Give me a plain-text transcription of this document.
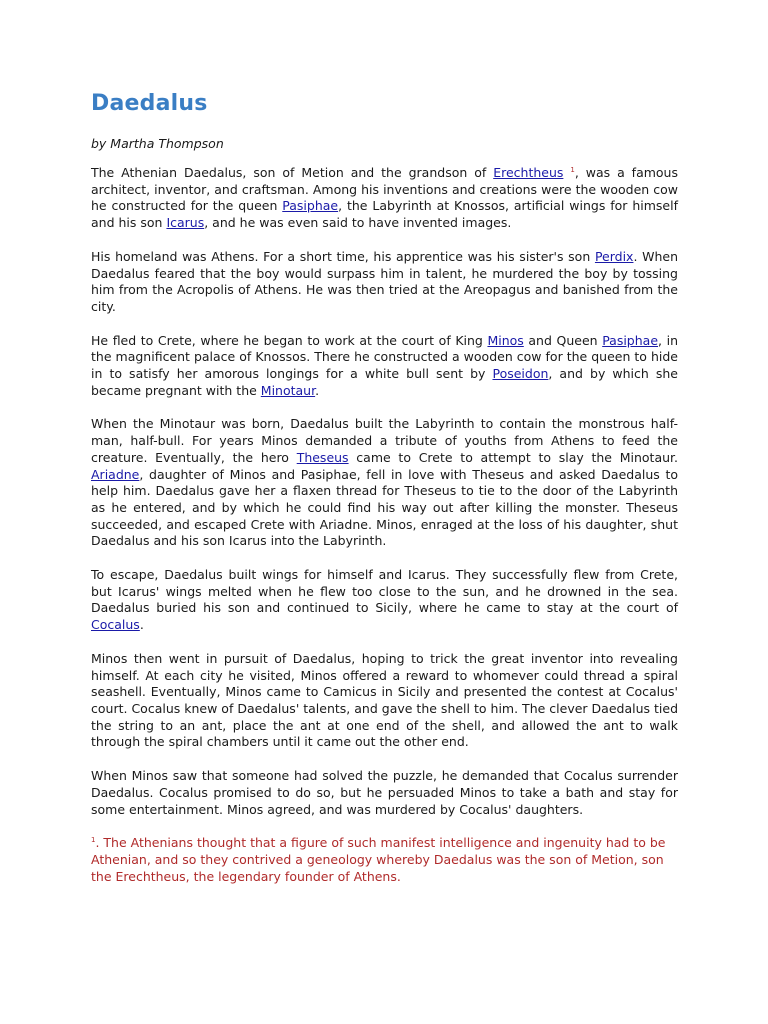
Daedalus
by Martha Thompson

The Athenian Daedalus, son of Metion and the grandson of Erechtheus $^1$, was a famous architect, inventor, and craftsman. Among his inventions and creations were the wooden cow he constructed for the queen Pasiphae, the Labyrinth at Knossos, artificial wings for himself and his son Icarus, and he was even said to have invented images.

His homeland was Athens. For a short time, his apprentice was his sister's son Perdix. When Daedalus feared that the boy would surpass him in talent, he murdered the boy by tossing him from the Acropolis of Athens. He was then tried at the Areopagus and banished from the city.

He fled to Crete, where he began to work at the court of King Minos and Queen Pasiphae, in the magnificent palace of Knossos. There he constructed a wooden cow for the queen to hide in to satisfy her amorous longings for a white bull sent by Poseidon, and by which she became pregnant with the Minotaur.

When the Minotaur was born, Daedalus built the Labyrinth to contain the monstrous half-man, half-bull. For years Minos demanded a tribute of youths from Athens to feed the creature. Eventually, the hero Theseus came to Crete to attempt to slay the Minotaur. Ariadne, daughter of Minos and Pasiphae, fell in love with Theseus and asked Daedalus to help him. Daedalus gave her a flaxen thread for Theseus to tie to the door of the Labyrinth as he entered, and by which he could find his way out after killing the monster. Theseus succeeded, and escaped Crete with Ariadne. Minos, enraged at the loss of his daughter, shut Daedalus and his son Icarus into the Labyrinth.

To escape, Daedalus built wings for himself and Icarus. They successfully flew from Crete, but Icarus' wings melted when he flew too close to the sun, and he drowned in the sea. Daedalus buried his son and continued to Sicily, where he came to stay at the court of Cocalus.

Minos then went in pursuit of Daedalus, hoping to trick the great inventor into revealing himself. At each city he visited, Minos offered a reward to whomever could thread a spiral seashell. Eventually, Minos came to Camicus in Sicily and presented the contest at Cocalus' court. Cocalus knew of Daedalus' talents, and gave the shell to him. The clever Daedalus tied the string to an ant, place the ant at one end of the shell, and allowed the ant to walk through the spiral chambers until it came out the other end.

When Minos saw that someone had solved the puzzle, he demanded that Cocalus surrender Daedalus. Cocalus promised to do so, but he persuaded Minos to take a bath and stay for some entertainment. Minos agreed, and was murdered by Cocalus' daughters.

$^1$. The Athenians thought that a figure of such manifest intelligence and ingenuity had to be Athenian, and so they contrived a geneology whereby Daedalus was the son of Metion, son the Erechtheus, the legendary founder of Athens.
